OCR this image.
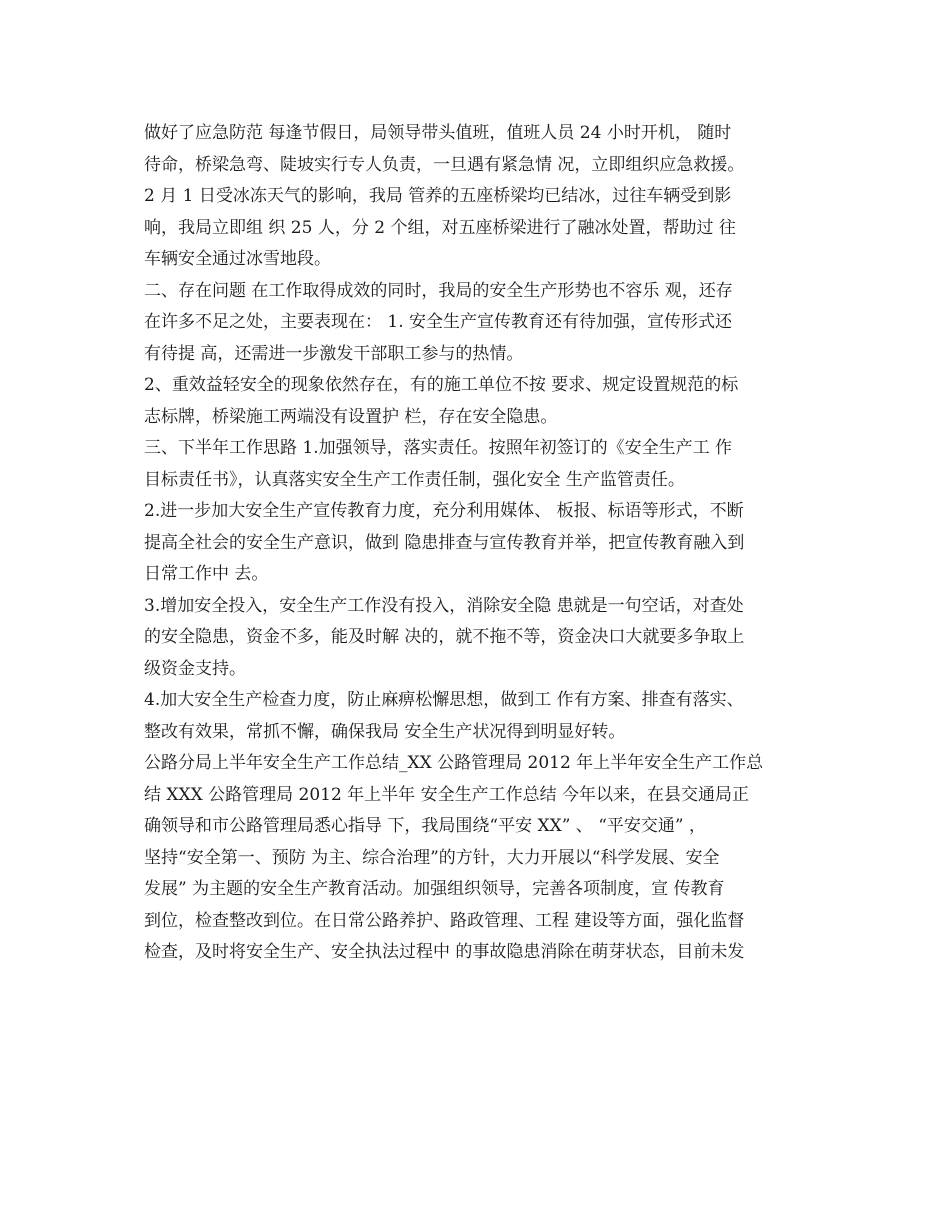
做好了应急防范 每逢节假日，局领导带头值班，值班人员 24 小时开机， 随时
待命，桥梁急弯、陡坡实行专人负责，一旦遇有紧急情 况，立即组织应急救援。
2 月 1 日受冰冻天气的影响，我局 管养的五座桥梁均已结冰，过往车辆受到影
响，我局立即组 织 25 人，分 2 个组，对五座桥梁进行了融冰处置，帮助过 往
车辆安全通过冰雪地段。
二、存在问题 在工作取得成效的同时，我局的安全生产形势也不容乐 观，还存
在许多不足之处，主要表现在： 1. 安全生产宣传教育还有待加强，宣传形式还
有待提 高，还需进一步激发干部职工参与的热情。
2、重效益轻安全的现象依然存在，有的施工单位不按 要求、规定设置规范的标
志标牌，桥梁施工两端没有设置护 栏，存在安全隐患。
三、下半年工作思路 1.加强领导，落实责任。按照年初签订的《安全生产工 作
目标责任书》，认真落实安全生产工作责任制，强化安全 生产监管责任。
2.进一步加大安全生产宣传教育力度，充分利用媒体、 板报、标语等形式，不断
提高全社会的安全生产意识，做到 隐患排查与宣传教育并举，把宣传教育融入到
日常工作中 去。
3.增加安全投入，安全生产工作没有投入，消除安全隐 患就是一句空话，对查处
的安全隐患，资金不多，能及时解 决的，就不拖不等，资金决口大就要多争取上
级资金支持。
4.加大安全生产检查力度，防止麻痹松懈思想，做到工 作有方案、排查有落实、
整改有效果，常抓不懈，确保我局 安全生产状况得到明显好转。
公路分局上半年安全生产工作总结_XX 公路管理局 2012 年上半年安全生产工作总
结 XXX 公路管理局 2012 年上半年 安全生产工作总结 今年以来，在县交通局正
确领导和市公路管理局悉心指导 下，我局围绕“平安 XX” 、 “平安交通” ，
坚持“安全第一、预防 为主、综合治理”的方针，大力开展以“科学发展、安全
发展” 为主题的安全生产教育活动。加强组织领导，完善各项制度，宣 传教育
到位，检查整改到位。在日常公路养护、路政管理、工程 建设等方面，强化监督
检查，及时将安全生产、安全执法过程中 的事故隐患消除在萌芽状态，目前未发
